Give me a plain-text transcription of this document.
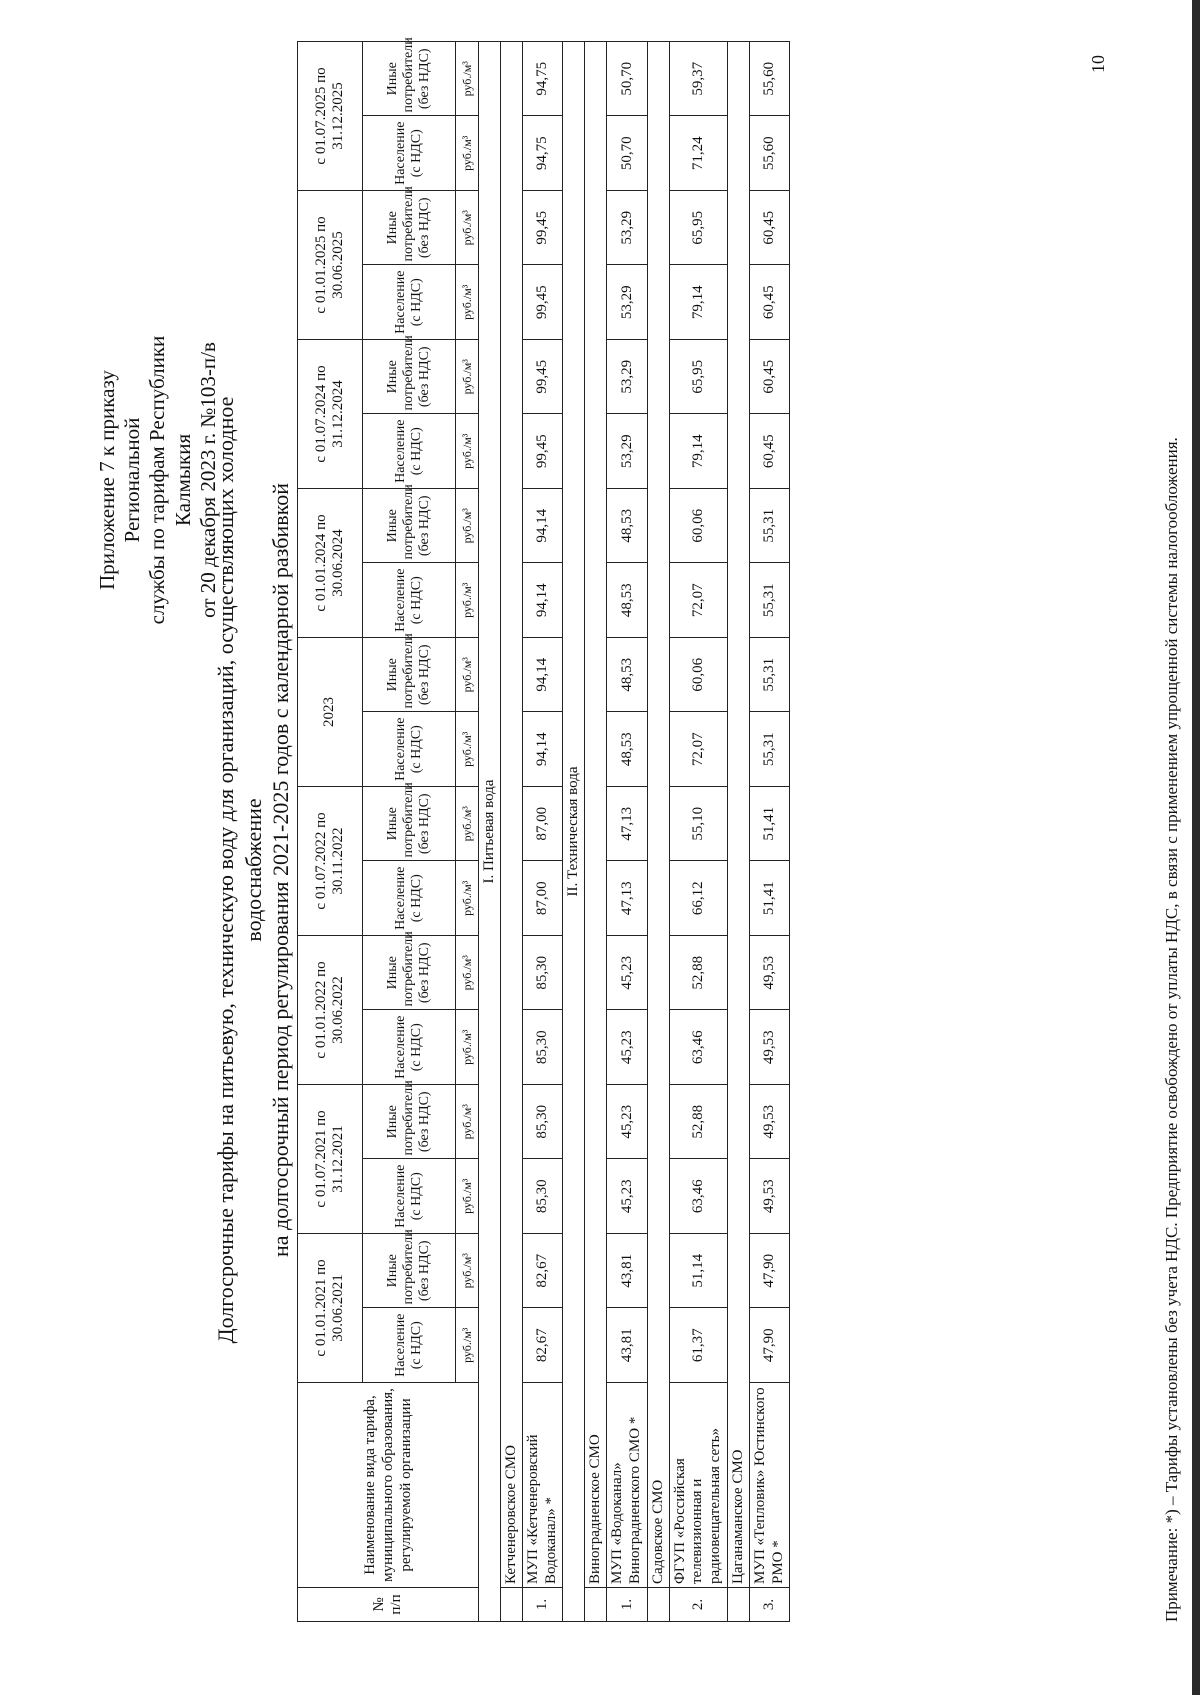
Приложение 7 к приказу Региональной службы по тарифам Республики Калмыкия от 20 декабря 2023 г. №103-п/в
Долгосрочные тарифы на питьевую, техническую воду для организаций, осуществляющих холодное водоснабжение на долгосрочный период регулирования 2021-2025 годов с календарной разбивкой
№ п/п	Наименование вида тарифа, муниципального образования, регулируемой организации	с 01.01.2021 по 30.06.2021		с 01.07.2021 по 31.12.2021		с 01.01.2022 по 30.06.2022		с 01.07.2022 по 30.11.2022		2023		с 01.01.2024 по 30.06.2024		с 01.07.2024 по 31.12.2024		с 01.01.2025 по 30.06.2025		с 01.07.2025 по 31.12.2025	
		Население (с НДС)	Иные потребители (без НДС)	Население (с НДС)	Иные потребители (без НДС)	Население (с НДС)	Иные потребители (без НДС)	Население (с НДС)	Иные потребители (без НДС)	Население (с НДС)	Иные потребители (без НДС)	Население (с НДС)	Иные потребители (без НДС)	Население (с НДС)	Иные потребители (без НДС)	Население (с НДС)	Иные потребители (без НДС)	Население (с НДС)	Иные потребители (без НДС)
		руб./м³	руб./м³	руб./м³	руб./м³	руб./м³	руб./м³	руб./м³	руб./м³	руб./м³	руб./м³	руб./м³	руб./м³	руб./м³	руб./м³	руб./м³	руб./м³	руб./м³	руб./м³
I. Питьевая вода																			
	Кетченеровское СМО																		
1.	МУП «Кетченеровский Водоканал» *	82,67	82,67	85,30	85,30	85,30	85,30	87,00	87,00	94,14	94,14	94,14	94,14	99,45	99,45	99,45	99,45	94,75	94,75
II. Техническая вода																			
	Виноградненское СМО																		
1.	МУП «Водоканал» Виноградненского СМО *	43,81	43,81	45,23	45,23	45,23	45,23	47,13	47,13	48,53	48,53	48,53	48,53	53,29	53,29	53,29	53,29	50,70	50,70
	Садовское СМО																		
2.	ФГУП «Российская телевизионная и радиовещательная сеть»	61,37	51,14	63,46	52,88	63,46	52,88	66,12	55,10	72,07	60,06	72,07	60,06	79,14	65,95	79,14	65,95	71,24	59,37
	Цаганаманское СМО																		
3.	МУП «Тепловик» Юстинского РМО *	47,90	47,90	49,53	49,53	49,53	49,53	51,41	51,41	55,31	55,31	55,31	55,31	60,45	60,45	60,45	60,45	55,60	55,60
Примечание: *) – Тарифы установлены без учета НДС. Предприятие освобождено от уплаты НДС, в связи с применением упрощенной системы налогообложения.
10
